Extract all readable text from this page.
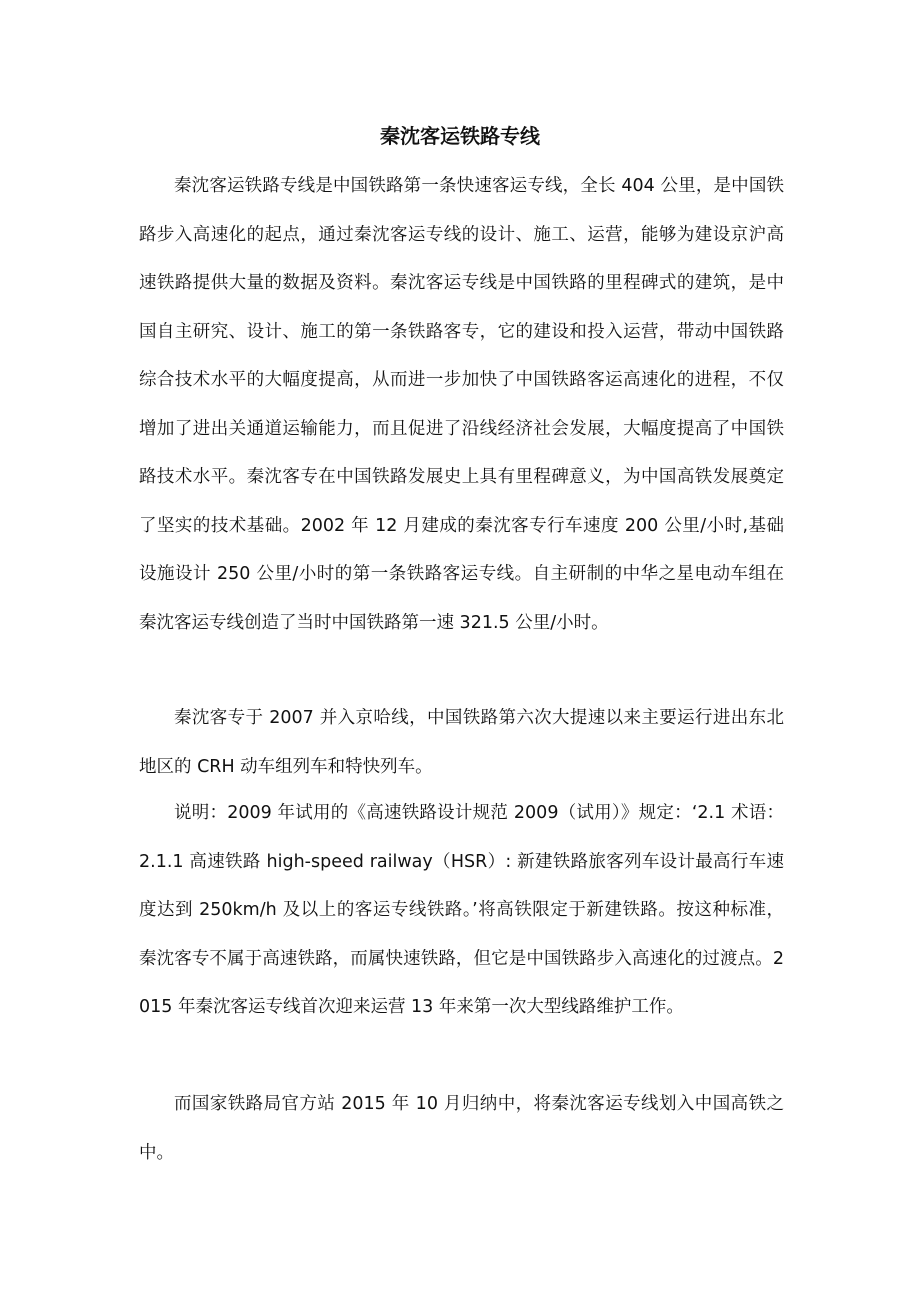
秦沈客运铁路专线

秦沈客运铁路专线是中国铁路第一条快速客运专线，全长 404 公里，是中国铁路步入高速化的起点，通过秦沈客运专线的设计、施工、运营，能够为建设京沪高速铁路提供大量的数据及资料。秦沈客运专线是中国铁路的里程碑式的建筑，是中国自主研究、设计、施工的第一条铁路客专，它的建设和投入运营，带动中国铁路综合技术水平的大幅度提高，从而进一步加快了中国铁路客运高速化的进程，不仅增加了进出关通道运输能力，而且促进了沿线经济社会发展，大幅度提高了中国铁路技术水平。秦沈客专在中国铁路发展史上具有里程碑意义，为中国高铁发展奠定了坚实的技术基础。2002 年 12 月建成的秦沈客专行车速度 200 公里/小时,基础设施设计 250 公里/小时的第一条铁路客运专线。自主研制的中华之星电动车组在秦沈客运专线创造了当时中国铁路第一速 321.5 公里/小时。

秦沈客专于 2007 并入京哈线，中国铁路第六次大提速以来主要运行进出东北地区的 CRH 动车组列车和特快列车。

说明：2009 年试用的《高速铁路设计规范 2009（试用）》规定：‘2.1 术语：2.1.1 高速铁路 high-speed railway（HSR）: 新建铁路旅客列车设计最高行车速度达到 250km/h 及以上的客运专线铁路。’将高铁限定于新建铁路。按这种标准，秦沈客专不属于高速铁路，而属快速铁路，但它是中国铁路步入高速化的过渡点。2015 年秦沈客运专线首次迎来运营 13 年来第一次大型线路维护工作。

而国家铁路局官方站 2015 年 10 月归纳中，将秦沈客运专线划入中国高铁之中。
